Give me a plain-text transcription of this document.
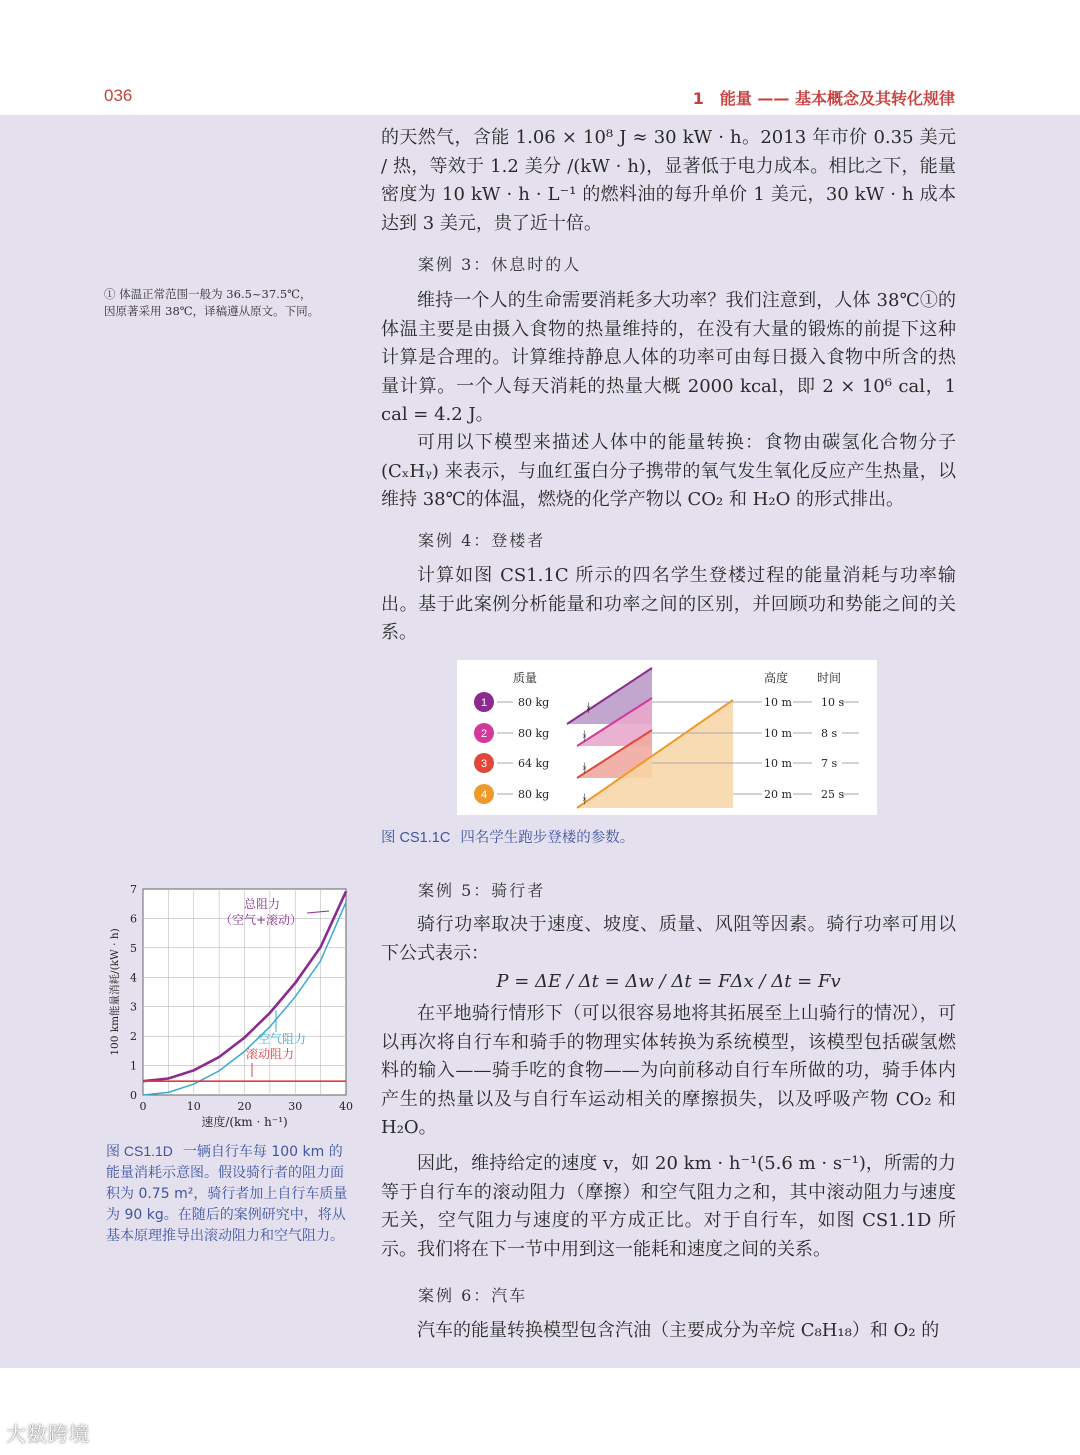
036	1　能量 —— 基本概念及其转化规律

的天然气，含能 1.06 × 10⁸ J ≈ 30 kW · h。2013 年市价 0.35 美元 / 热，等效于 1.2 美分 /(kW · h)，显著低于电力成本。相比之下，能量密度为 10 kW · h · L⁻¹ 的燃料油的每升单价 1 美元，30 kW · h 成本达到 3 美元，贵了近十倍。

案例 3：休息时的人

维持一个人的生命需要消耗多大功率？我们注意到，人体 38℃①的体温主要是由摄入食物的热量维持的，在没有大量的锻炼的前提下这种计算是合理的。计算维持静息人体的功率可由每日摄入食物中所含的热量计算。一个人每天消耗的热量大概 2000 kcal，即 2 × 10⁶ cal，1 cal = 4.2 J。

可用以下模型来描述人体中的能量转换：食物由碳氢化合物分子 (CₓHᵧ) 来表示，与血红蛋白分子携带的氧气发生氧化反应产生热量，以维持 38℃的体温，燃烧的化学产物以 CO₂ 和 H₂O 的形式排出。

案例 4：登楼者

计算如图 CS1.1C 所示的四名学生登楼过程的能量消耗与功率输出。基于此案例分析能量和功率之间的区别，并回顾功和势能之间的关系。

① 体温正常范围一般为 36.5~37.5℃，

因原著采用 38℃，译稿遵从原文。下同。

ᚼ
ᚼ
ᚼ
ᚼ
质量	高度 时间
1	80 kg	10 m	10 s
2	80 kg	10 m	8 s
3	64 kg	10 m	7 s
4	80 kg	20 m	25 s
图 CS1.1C 四名学生跑步登楼的参数。
案例 5：骑行者

骑行功率取决于速度、坡度、质量、风阻等因素。骑行功率可用以下公式表示：

P = ΔE / Δt = Δw / Δt = FΔx / Δt = Fv

在平地骑行情形下（可以很容易地将其拓展至上山骑行的情况），可以再次将自行车和骑手的物理实体转换为系统模型，该模型包括碳氢燃料的输入——骑手吃的食物——为向前移动自行车所做的功，骑手体内产生的热量以及与自行车运动相关的摩擦损失，以及呼吸产物 CO₂ 和 H₂O。

因此，维持给定的速度 v，如 20 km · h⁻¹(5.6 m · s⁻¹)，所需的力等于自行车的滚动阻力（摩擦）和空气阻力之和，其中滚动阻力与速度无关，空气阻力与速度的平方成正比。对于自行车，如图 CS1.1D 所示。我们将在下一节中用到这一能耗和速度之间的关系。

案例 6：汽车

汽车的能量转换模型包含汽油（主要成分为辛烷 C₈H₁₈）和 O₂ 的

0	10	20	30	40
0
1
2
3
4
5
6
7
速度/(km · h⁻¹)
100 km能量消耗/(kW · h)
总阻力
（空气+滚动）
空气阻力
滚动阻力
图 CS1.1D 一辆自行车每 100 km 的能量消耗示意图。假设骑行者的阻力面积为 0.75 m²，骑行者加上自行车质量为 90 kg。在随后的案例研究中，将从基本原理推导出滚动阻力和空气阻力。
大数跨境
